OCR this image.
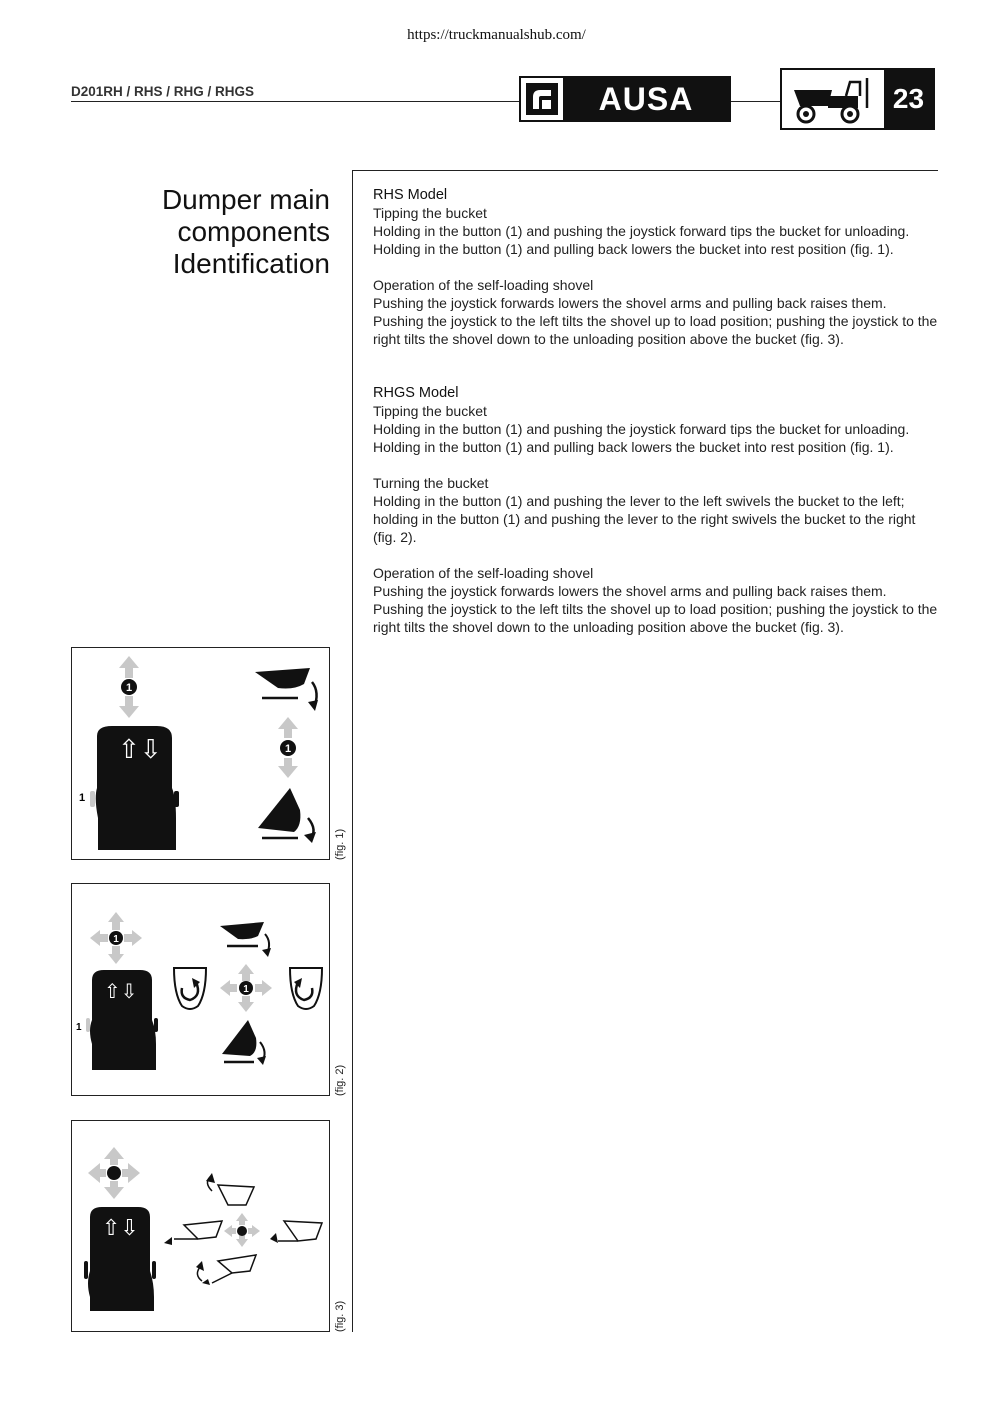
https://truckmanualshub.com/
D201RH / RHS / RHG / RHGS	AUSA	23
Dumper main
components
Identification

RHS Model

Tipping the bucket

Holding in the button (1) and pushing the joystick forward tips the bucket for unloading.

Holding in the button (1) and pulling back lowers the bucket into rest position (fig. 1).

Operation of the self-loading shovel

Pushing the joystick forwards lowers the shovel arms and pulling back raises them.

Pushing the joystick to the left tilts the shovel up to load position; pushing the joystick to the right tilts the shovel down to the unloading position above the bucket (fig. 3).

RHGS Model

Tipping the bucket

Holding in the button (1) and pushing the joystick forward tips the bucket for unloading.

Holding in the button (1) and pulling back lowers the bucket into rest position (fig. 1).

Turning the bucket

Holding in the button (1) and pushing the lever to the left swivels the bucket to the left; holding in the button (1) and pushing the lever to the right swivels the bucket to the right (fig. 2).

Operation of the self-loading shovel

Pushing the joystick forwards lowers the shovel arms and pulling back raises them.

Pushing the joystick to the left tilts the shovel up to load position; pushing the joystick to the right tilts the shovel down to the unloading position above the bucket (fig. 3).

1
⇧⇩
1
1
(fig. 1)
1
⇧⇩
1
1
(fig. 2)
⇧⇩
(fig. 3)
